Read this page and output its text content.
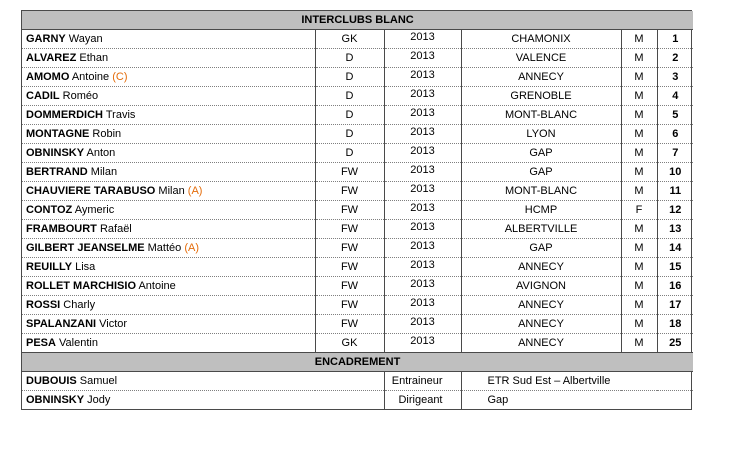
INTERCLUBS BLANC					
GARNY Wayan	GK	2013	CHAMONIX	M	1
ALVAREZ Ethan	D	2013	VALENCE	M	2
AMOMO Antoine (C)	D	2013	ANNECY	M	3
CADIL Roméo	D	2013	GRENOBLE	M	4
DOMMERDICH Travis	D	2013	MONT-BLANC	M	5
MONTAGNE Robin	D	2013	LYON	M	6
OBNINSKY Anton	D	2013	GAP	M	7
BERTRAND Milan	FW	2013	GAP	M	10
CHAUVIERE TARABUSO Milan (A)	FW	2013	MONT-BLANC	M	11
CONTOZ Aymeric	FW	2013	HCMP	F	12
FRAMBOURT Rafaël	FW	2013	ALBERTVILLE	M	13
GILBERT JEANSELME Mattéo (A)	FW	2013	GAP	M	14
REUILLY Lisa	FW	2013	ANNECY	M	15
ROLLET MARCHISIO Antoine	FW	2013	AVIGNON	M	16
ROSSI Charly	FW	2013	ANNECY	M	17
SPALANZANI Victor	FW	2013	ANNECY	M	18
PESA Valentin	GK	2013	ANNECY	M	25
ENCADREMENT					
DUBOUIS Samuel		Entraineur	ETR Sud Est – Albertville		
OBNINSKY Jody		Dirigeant	Gap		
